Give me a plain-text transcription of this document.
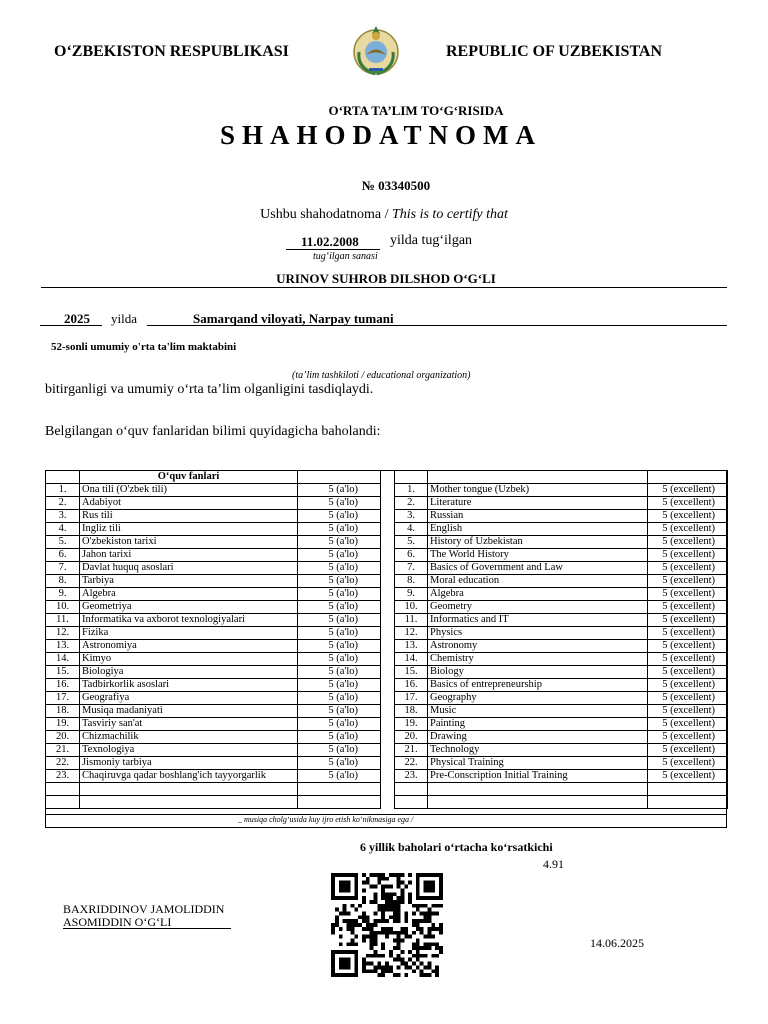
O‘ZBEKISTON RESPUBLIKASI	REPUBLIC OF UZBEKISTAN
O‘RTA TA’LIM TO‘G‘RISIDA
SHAHODATNOMA
№ 03340500
Ushbu shahodatnoma / This is to certify that
11.02.2008 yilda tug‘ilgan
tug‘ilgan sanasi
URINOV SUHROB DILSHOD O‘G‘LI
2025 yilda	Samarqand viloyati, Narpay tumani
52-sonli umumiy o'rta ta'lim maktabini
(ta’lim tashkiloti / educational organization)
bitirganligi va umumiy o‘rta ta’lim olganligini tasdiqlaydi.
Belgilangan o‘quv fanlaridan bilimi quyidagicha baholandi:
	O‘quv fanlari	
1.	Ona tili (O'zbek tili)	5 (a'lo)
2.	Adabiyot	5 (a'lo)
3.	Rus tili	5 (a'lo)
4.	Ingliz tili	5 (a'lo)
5.	O'zbekiston tarixi	5 (a'lo)
6.	Jahon tarixi	5 (a'lo)
7.	Davlat huquq asoslari	5 (a'lo)
8.	Tarbiya	5 (a'lo)
9.	Algebra	5 (a'lo)
10.	Geometriya	5 (a'lo)
11.	Informatika va axborot texnologiyalari	5 (a'lo)
12.	Fizika	5 (a'lo)
13.	Astronomiya	5 (a'lo)
14.	Kimyo	5 (a'lo)
15.	Biologiya	5 (a'lo)
16.	Tadbirkorlik asoslari	5 (a'lo)
17.	Geografiya	5 (a'lo)
18.	Musiqa madaniyati	5 (a'lo)
19.	Tasviriy san'at	5 (a'lo)
20.	Chizmachilik	5 (a'lo)
21.	Texnologiya	5 (a'lo)
22.	Jismoniy tarbiya	5 (a'lo)
23.	Chaqiruvga qadar boshlang'ich tayyorgarlik	5 (a'lo)

1.	Mother tongue (Uzbek)	5 (excellent)
2.	Literature	5 (excellent)
3.	Russian	5 (excellent)
4.	English	5 (excellent)
5.	History of Uzbekistan	5 (excellent)
6.	The World History	5 (excellent)
7.	Basics of Government and Law	5 (excellent)
8.	Moral education	5 (excellent)
9.	Algebra	5 (excellent)
10.	Geometry	5 (excellent)
11.	Informatics and IT	5 (excellent)
12.	Physics	5 (excellent)
13.	Astronomy	5 (excellent)
14.	Chemistry	5 (excellent)
15.	Biology	5 (excellent)
16.	Basics of entrepreneurship	5 (excellent)
17.	Geography	5 (excellent)
18.	Music	5 (excellent)
19.	Painting	5 (excellent)
20.	Drawing	5 (excellent)
21.	Technology	5 (excellent)
22.	Physical Training	5 (excellent)
23.	Pre-Conscription Initial Training	5 (excellent)

_ musiqa cholg‘usida kuy ijro etish ko‘nikmasiga ega /
6 yillik baholari o‘rtacha ko‘rsatkichi
4.91
BAXRIDDINOV JAMOLIDDIN
ASOMIDDIN O‘G‘LI
14.06.2025
